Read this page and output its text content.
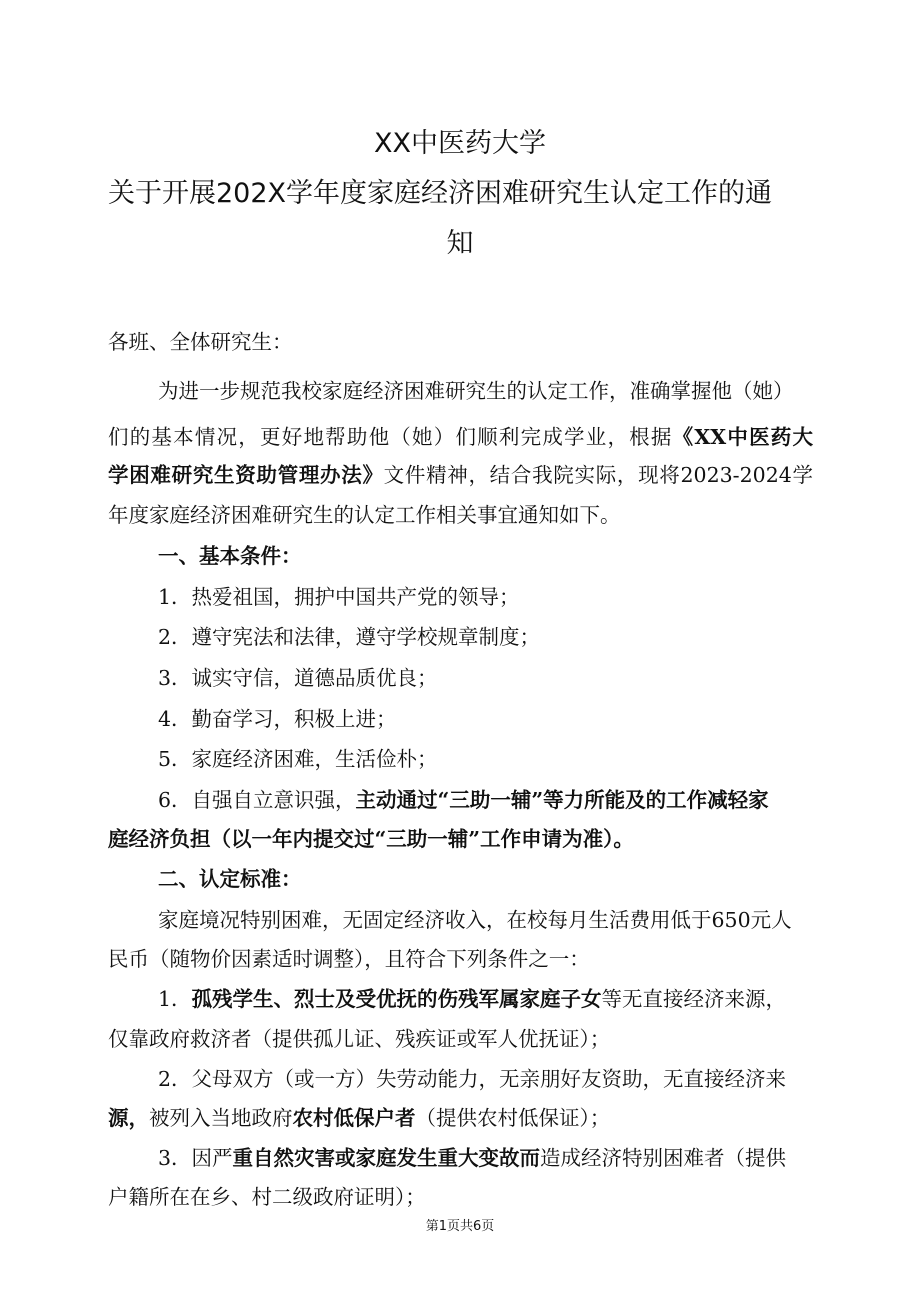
XX中医药大学
关于开展202X学年度家庭经济困难研究生认定工作的通
知

各班、全体研究生：

为进一步规范我校家庭经济困难研究生的认定工作，准确掌握他（她）

们的基本情况，更好地帮助他（她）们顺利完成学业，根据《XX中医药大

学困难研究生资助管理办法》文件精神，结合我院实际，现将2023-2024学

年度家庭经济困难研究生的认定工作相关事宜通知如下。

一、基本条件：

1．热爱祖国，拥护中国共产党的领导；

2．遵守宪法和法律，遵守学校规章制度；

3．诚实守信，道德品质优良；

4．勤奋学习，积极上进；

5．家庭经济困难，生活俭朴；

6．自强自立意识强，主动通过“三助一辅”等力所能及的工作减轻家

庭经济负担（以一年内提交过“三助一辅”工作申请为准）。

二、认定标准：

家庭境况特别困难，无固定经济收入，在校每月生活费用低于650元人

民币（随物价因素适时调整），且符合下列条件之一：

1．孤残学生、烈士及受优抚的伤残军属家庭子女等无直接经济来源，

仅靠政府救济者（提供孤儿证、残疾证或军人优抚证）；

2．父母双方（或一方）失劳动能力，无亲朋好友资助，无直接经济来

源，被列入当地政府农村低保户者（提供农村低保证）；

3．因严重自然灾害或家庭发生重大变故而造成经济特别困难者（提供

户籍所在在乡、村二级政府证明）；

第1页共6页
